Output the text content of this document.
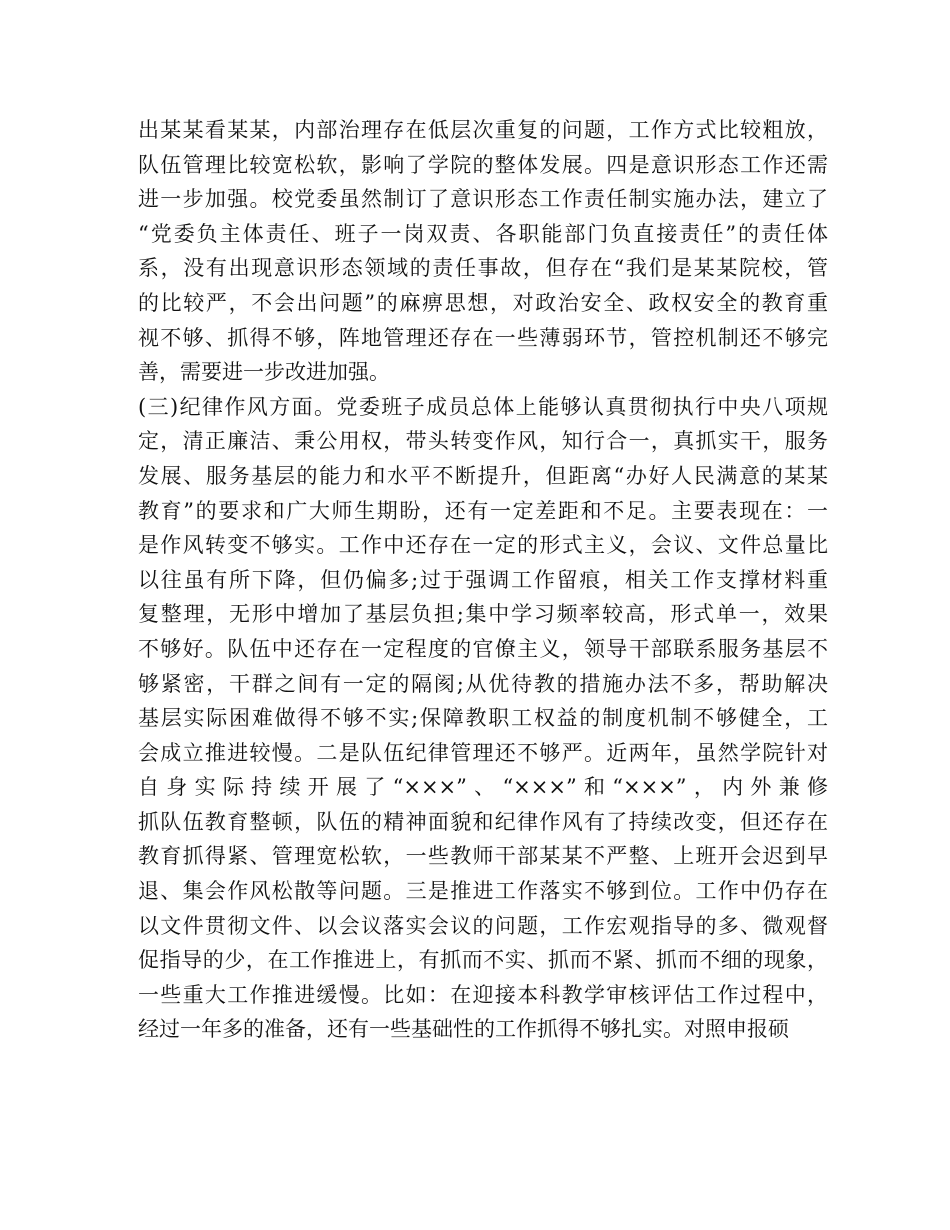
出某某看某某，内部治理存在低层次重复的问题，工作方式比较粗放，
队伍管理比较宽松软，影响了学院的整体发展。四是意识形态工作还需
进一步加强。校党委虽然制订了意识形态工作责任制实施办法，建立了
“党委负主体责任、班子一岗双责、各职能部门负直接责任”的责任体
系，没有出现意识形态领域的责任事故，但存在“我们是某某院校，管
的比较严，不会出问题”的麻痹思想，对政治安全、政权安全的教育重
视不够、抓得不够，阵地管理还存在一些薄弱环节，管控机制还不够完
善，需要进一步改进加强。
(三)纪律作风方面。党委班子成员总体上能够认真贯彻执行中央八项规
定，清正廉洁、秉公用权，带头转变作风，知行合一，真抓实干，服务
发展、服务基层的能力和水平不断提升，但距离“办好人民满意的某某
教育”的要求和广大师生期盼，还有一定差距和不足。主要表现在：一
是作风转变不够实。工作中还存在一定的形式主义，会议、文件总量比
以往虽有所下降，但仍偏多;过于强调工作留痕，相关工作支撑材料重
复整理，无形中增加了基层负担;集中学习频率较高，形式单一，效果
不够好。队伍中还存在一定程度的官僚主义，领导干部联系服务基层不
够紧密，干群之间有一定的隔阂;从优待教的措施办法不多，帮助解决
基层实际困难做得不够不实;保障教职工权益的制度机制不够健全，工
会成立推进较慢。二是队伍纪律管理还不够严。近两年，虽然学院针对
自身实际持续开展了“×××”、“×××”和“×××”，内外兼修
抓队伍教育整顿，队伍的精神面貌和纪律作风有了持续改变，但还存在
教育抓得紧、管理宽松软，一些教师干部某某不严整、上班开会迟到早
退、集会作风松散等问题。三是推进工作落实不够到位。工作中仍存在
以文件贯彻文件、以会议落实会议的问题，工作宏观指导的多、微观督
促指导的少，在工作推进上，有抓而不实、抓而不紧、抓而不细的现象，
一些重大工作推进缓慢。比如：在迎接本科教学审核评估工作过程中，
经过一年多的准备，还有一些基础性的工作抓得不够扎实。对照申报硕
